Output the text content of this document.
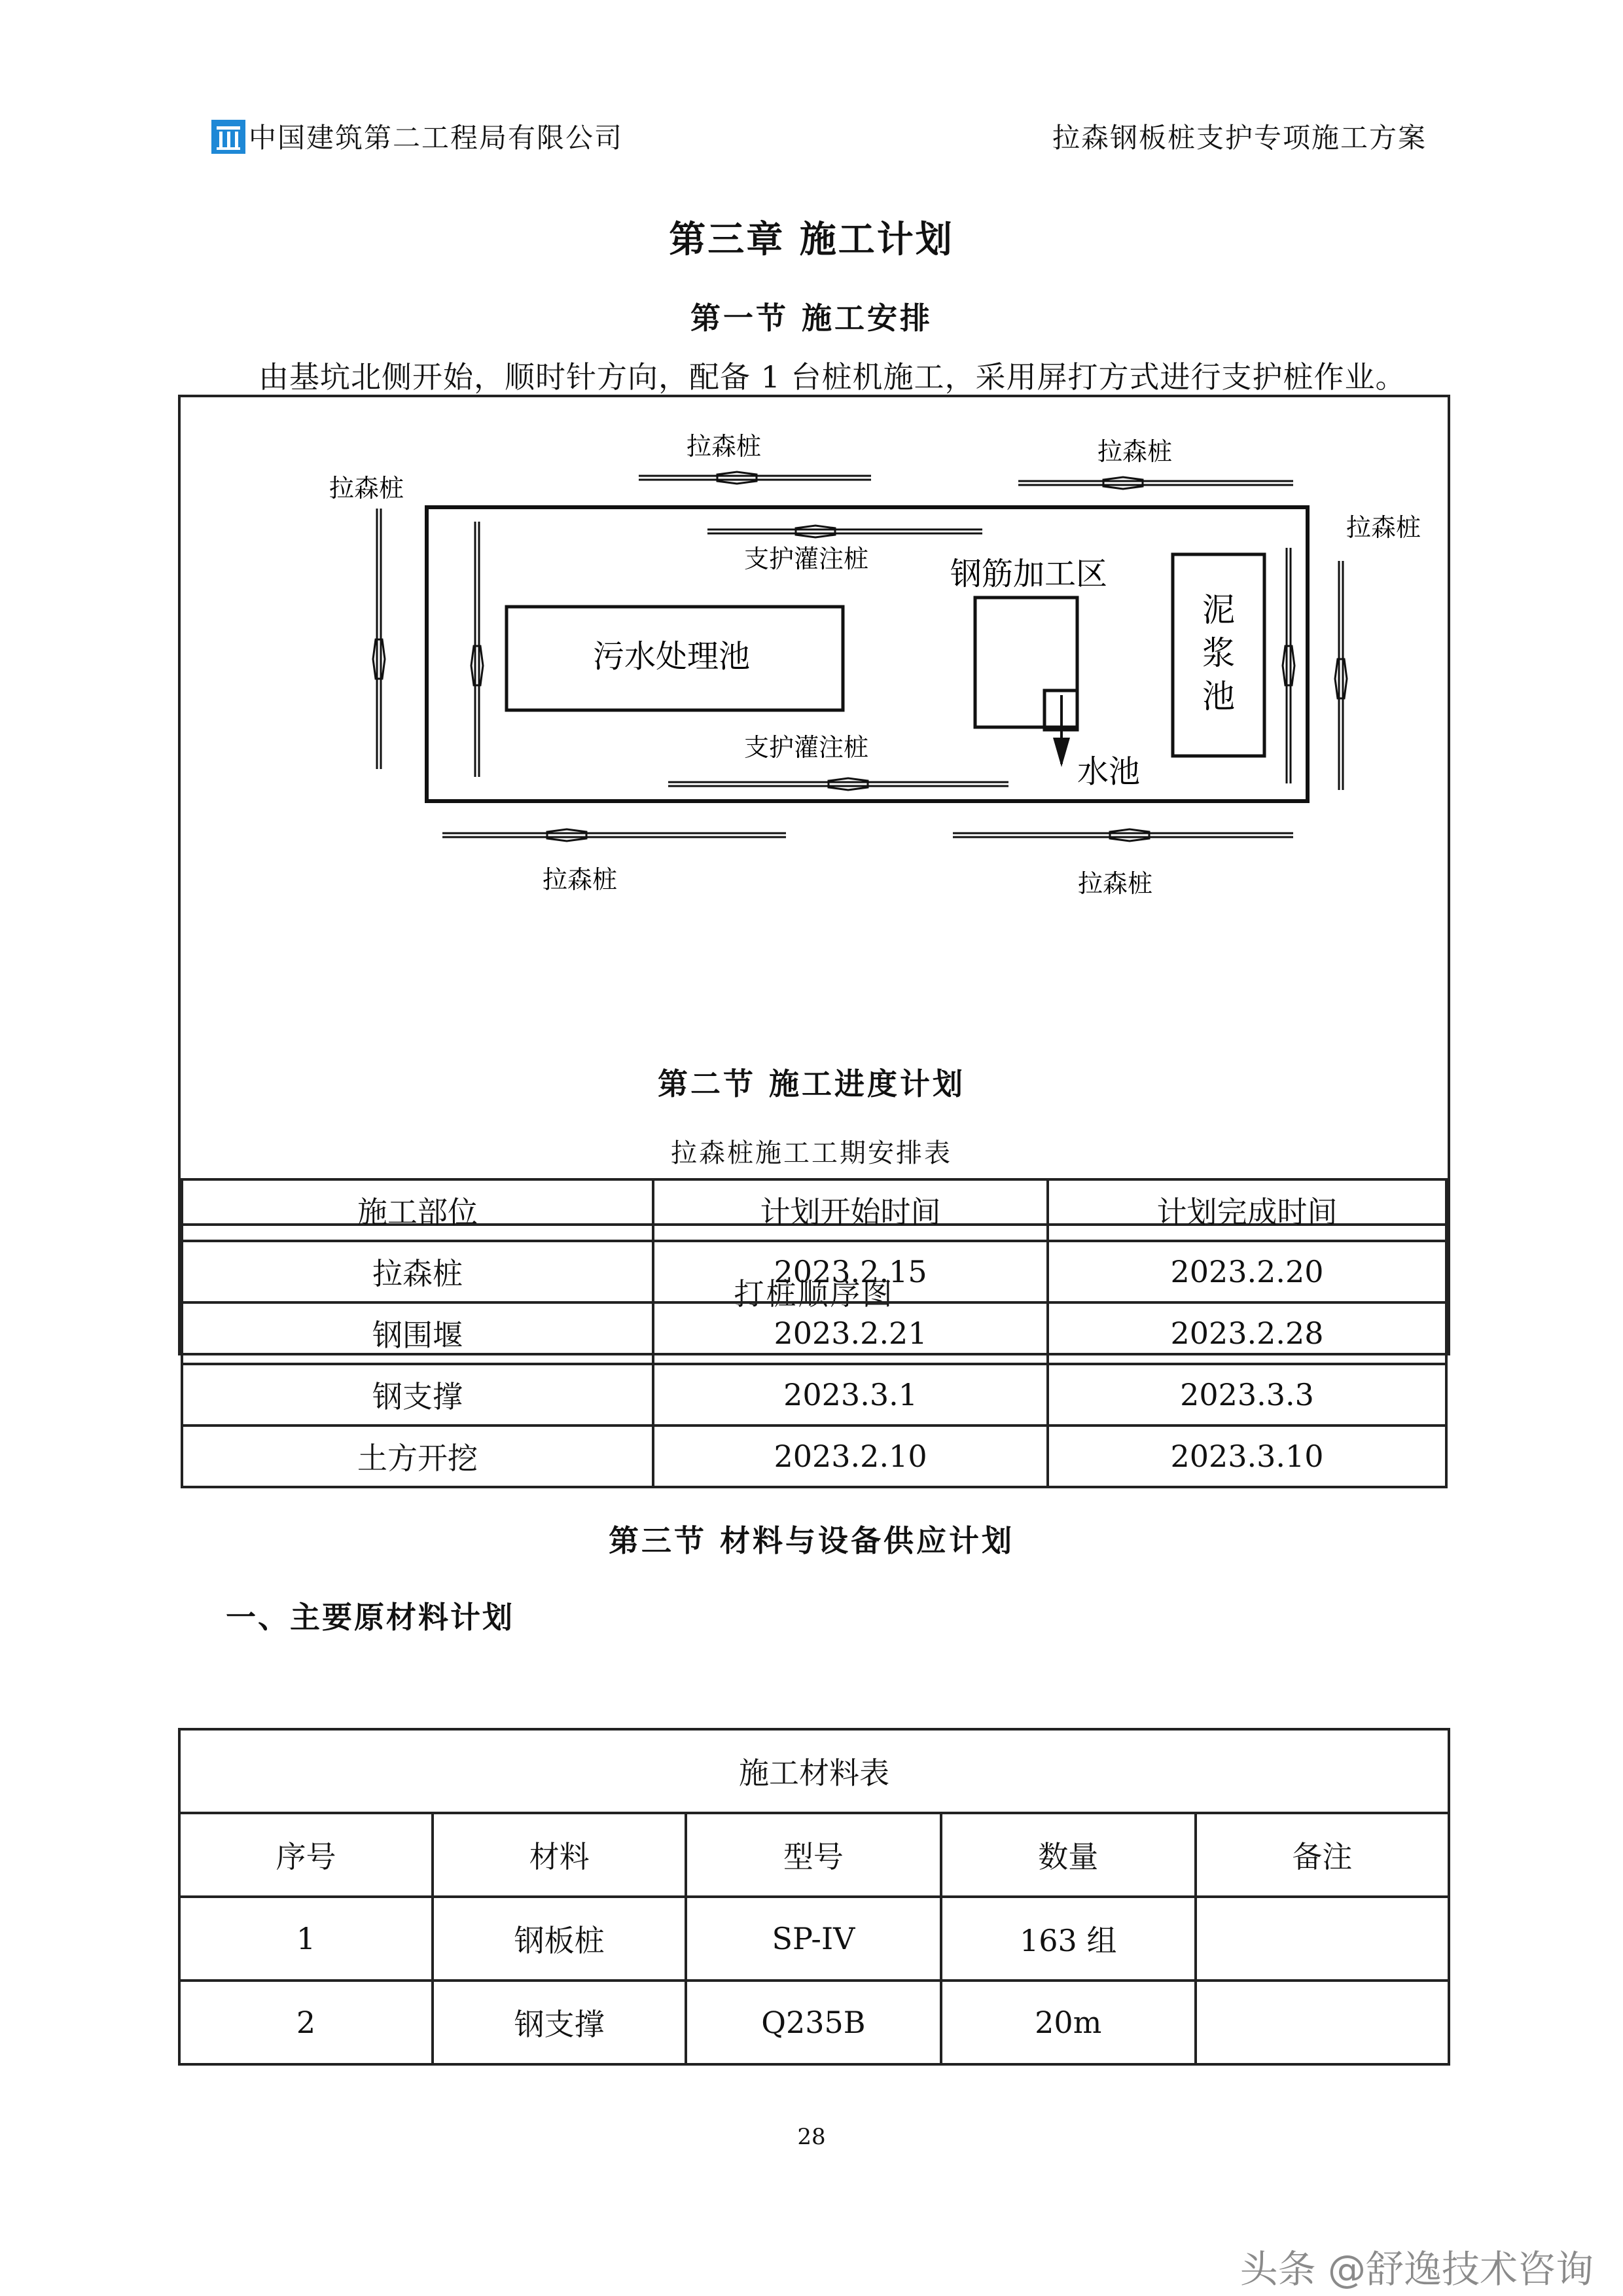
中国建筑第二工程局有限公司	拉森钢板桩支护专项施工方案
第三章 施工计划
第一节 施工安排
由基坑北侧开始，顺时针方向，配备 1 台桩机施工，采用屏打方式进行支护桩作业。
污水处理池
钢筋加工区
水池
泥
浆
池
拉森桩	拉森桩
拉森桩
拉森桩
拉森桩	拉森桩
支护灌注桩
支护灌注桩
打桩顺序图
第二节 施工进度计划
拉森桩施工工期安排表
施工部位	计划开始时间	计划完成时间
拉森桩	2023.2.15	2023.2.20
钢围堰	2023.2.21	2023.2.28
钢支撑	2023.3.1	2023.3.3
土方开挖	2023.2.10	2023.3.10
第三节 材料与设备供应计划
一、主要原材料计划
施工材料表				
序号	材料	型号	数量	备注
1	钢板桩	SP-IV	163 组	
2	钢支撑	Q235B	20m	
28
头条 @舒逸技术咨询
